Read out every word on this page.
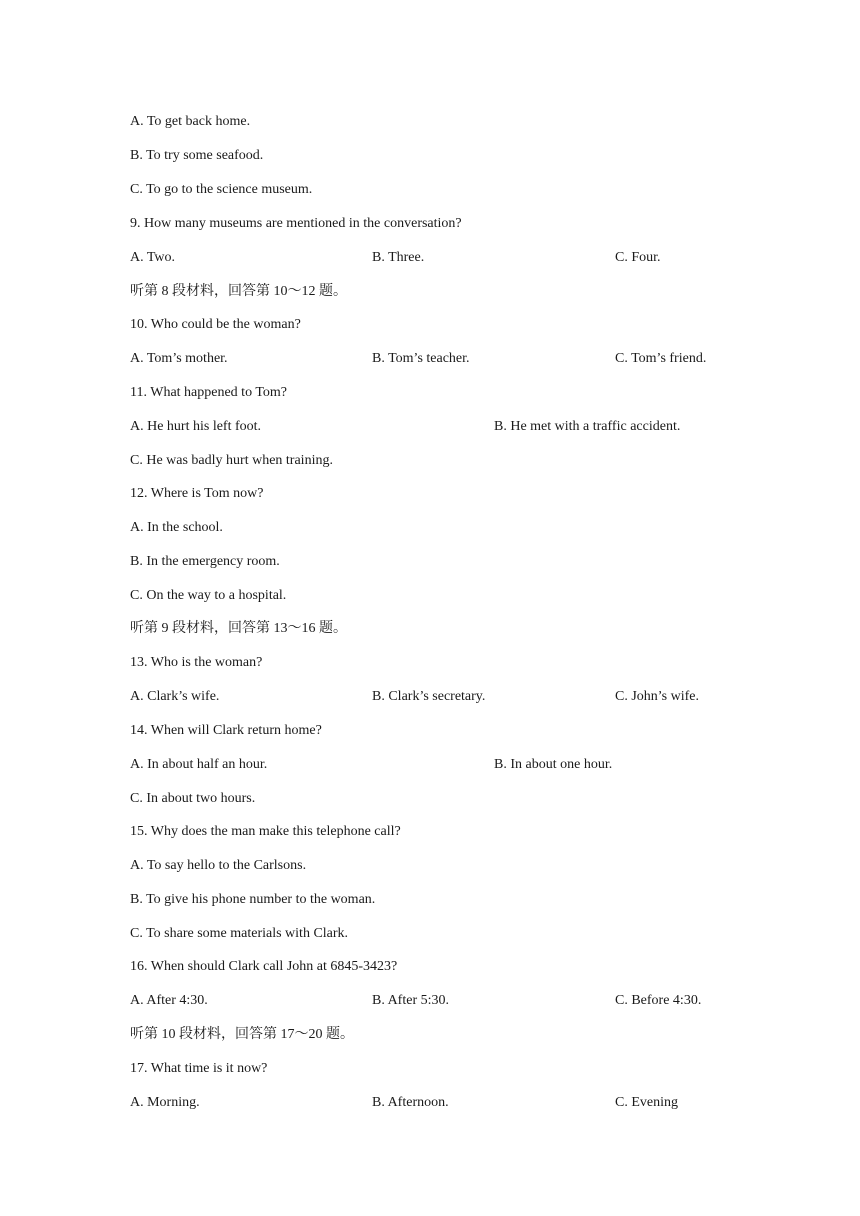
A. To get back home.
B. To try some seafood.
C. To go to the science museum.
9. How many museums are mentioned in the conversation?
A. Two.	B. Three.	C. Four.
听第 8 段材料，回答第 10～12 题。
10. Who could be the woman?
A. Tom’s mother.	B. Tom’s teacher.	C. Tom’s friend.
11. What happened to Tom?
A. He hurt his left foot.	B. He met with a traffic accident.
C. He was badly hurt when training.
12. Where is Tom now?
A. In the school.
B. In the emergency room.
C. On the way to a hospital.
听第 9 段材料，回答第 13～16 题。
13. Who is the woman?
A. Clark’s wife.	B. Clark’s secretary.	C. John’s wife.
14. When will Clark return home?
A. In about half an hour.	B. In about one hour.
C. In about two hours.
15. Why does the man make this telephone call?
A. To say hello to the Carlsons.
B. To give his phone number to the woman.
C. To share some materials with Clark.
16. When should Clark call John at 6845-3423?
A. After 4:30.	B. After 5:30.	C. Before 4:30.
听第 10 段材料，回答第 17～20 题。
17. What time is it now?
A. Morning.	B. Afternoon.	C. Evening
